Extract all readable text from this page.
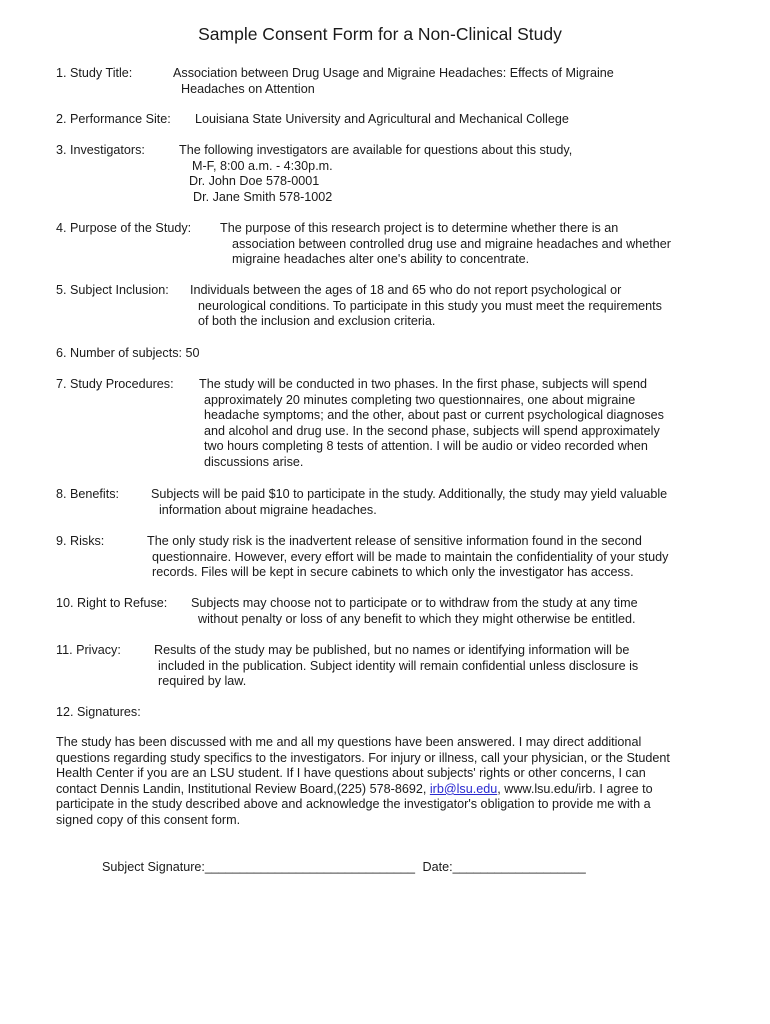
Sample Consent Form for a Non-Clinical Study
1. Study Title:	Association between Drug Usage and Migraine Headaches: Effects of Migraine
Headaches on Attention
2. Performance Site: Louisiana State University and Agricultural and Mechanical College
3. Investigators:	The following investigators are available for questions about this study,
M-F, 8:00 a.m. - 4:30p.m.
Dr. John Doe 578-0001
Dr. Jane Smith 578-1002
4. Purpose of the Study: The purpose of this research project is to determine whether there is an
association between controlled drug use and migraine headaches and whether
migraine headaches alter one's ability to concentrate.
5. Subject Inclusion: Individuals between the ages of 18 and 65 who do not report psychological or
neurological conditions. To participate in this study you must meet the requirements
of both the inclusion and exclusion criteria.
6. Number of subjects: 50
7. Study Procedures: The study will be conducted in two phases. In the first phase, subjects will spend
approximately 20 minutes completing two questionnaires, one about migraine
headache symptoms; and the other, about past or current psychological diagnoses
and alcohol and drug use. In the second phase, subjects will spend approximately
two hours completing 8 tests of attention. I will be audio or video recorded when
discussions arise.
8. Benefits:	Subjects will be paid $10 to participate in the study. Additionally, the study may yield valuable
information about migraine headaches.
9. Risks:	The only study risk is the inadvertent release of sensitive information found in the second
questionnaire. However, every effort will be made to maintain the confidentiality of your study
records. Files will be kept in secure cabinets to which only the investigator has access.
10. Right to Refuse: Subjects may choose not to participate or to withdraw from the study at any time
without penalty or loss of any benefit to which they might otherwise be entitled.
11. Privacy:	Results of the study may be published, but no names or identifying information will be
included in the publication. Subject identity will remain confidential unless disclosure is
required by law.
12. Signatures:
The study has been discussed with me and all my questions have been answered. I may direct additional
questions regarding study specifics to the investigators. For injury or illness, call your physician, or the Student
Health Center if you are an LSU student. If I have questions about subjects' rights or other concerns, I can
contact Dennis Landin, Institutional Review Board,(225) 578-8692, irb@lsu.edu, www.lsu.edu/irb. I agree to
participate in the study described above and acknowledge the investigator's obligation to provide me with a
signed copy of this consent form.
Subject Signature:______________________________ Date:___________________
